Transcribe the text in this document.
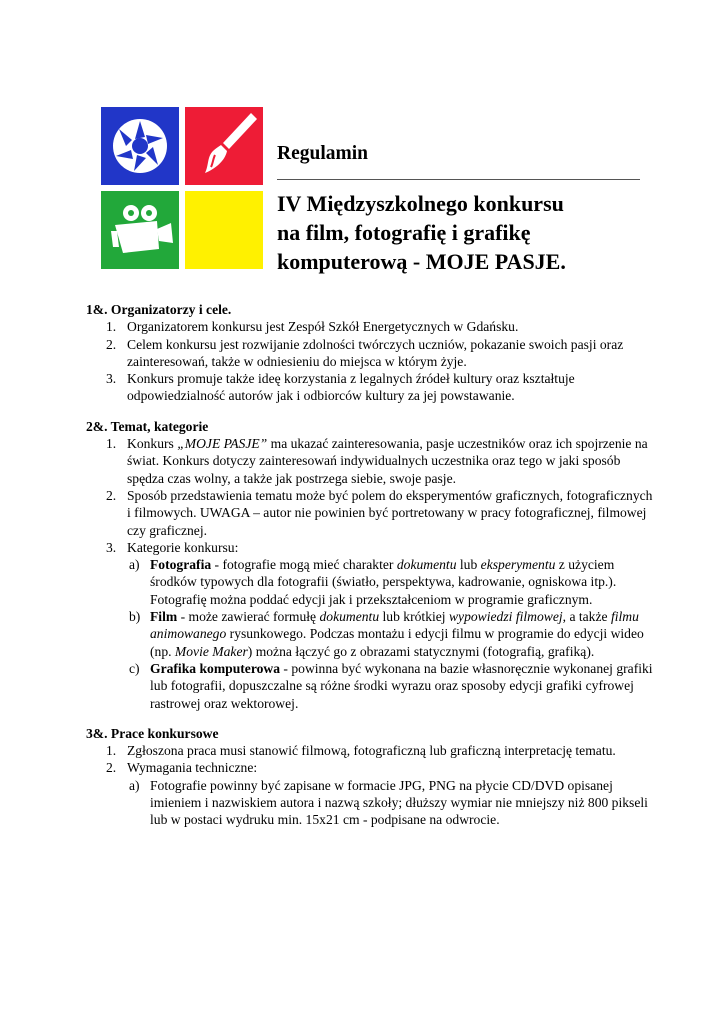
Regulamin
IV Międzyszkolnego konkursu
na film, fotografię i grafikę
komputerową - MOJE PASJE.

1&. Organizatorzy i cele.

1. Organizatorem konkursu jest Zespół Szkół Energetycznych w Gdańsku.
2. Celem konkursu jest rozwijanie zdolności twórczych uczniów, pokazanie swoich pasji oraz zainteresowań, także w odniesieniu do miejsca w którym żyje.
3. Konkurs promuje także ideę korzystania z legalnych źródeł kultury oraz kształtuje odpowiedzialność autorów jak i odbiorców kultury za jej powstawanie.

2&. Temat, kategorie

1. Konkurs „MOJE PASJE” ma ukazać zainteresowania, pasje uczestników oraz ich spojrzenie na świat. Konkurs dotyczy zainteresowań indywidualnych uczestnika oraz tego w jaki sposób spędza czas wolny, a także jak postrzega siebie, swoje pasje.
2. Sposób przedstawienia tematu może być polem do eksperymentów graficznych, fotograficznych i filmowych. UWAGA – autor nie powinien być portretowany w pracy fotograficznej, filmowej czy graficznej.
3. Kategorie konkursu:
a) Fotografia - fotografie mogą mieć charakter dokumentu lub eksperymentu z użyciem środków typowych dla fotografii (światło, perspektywa, kadrowanie, ogniskowa itp.). Fotografię można poddać edycji jak i przekształceniom w programie graficznym.
b) Film - może zawierać formułę dokumentu lub krótkiej wypowiedzi filmowej, a także filmu animowanego rysunkowego. Podczas montażu i edycji filmu w programie do edycji wideo (np. Movie Maker) można łączyć go z obrazami statycznymi (fotografią, grafiką).
c) Grafika komputerowa - powinna być wykonana na bazie własnoręcznie wykonanej grafiki lub fotografii, dopuszczalne są różne środki wyrazu oraz sposoby edycji grafiki cyfrowej rastrowej oraz wektorowej.

3&. Prace konkursowe

1. Zgłoszona praca musi stanowić filmową, fotograficzną lub graficzną interpretację tematu.
2. Wymagania techniczne:
a) Fotografie powinny być zapisane w formacie JPG, PNG na płycie CD/DVD opisanej imieniem i nazwiskiem autora i nazwą szkoły; dłuższy wymiar nie mniejszy niż 800 pikseli lub w postaci wydruku min. 15x21 cm - podpisane na odwrocie.
